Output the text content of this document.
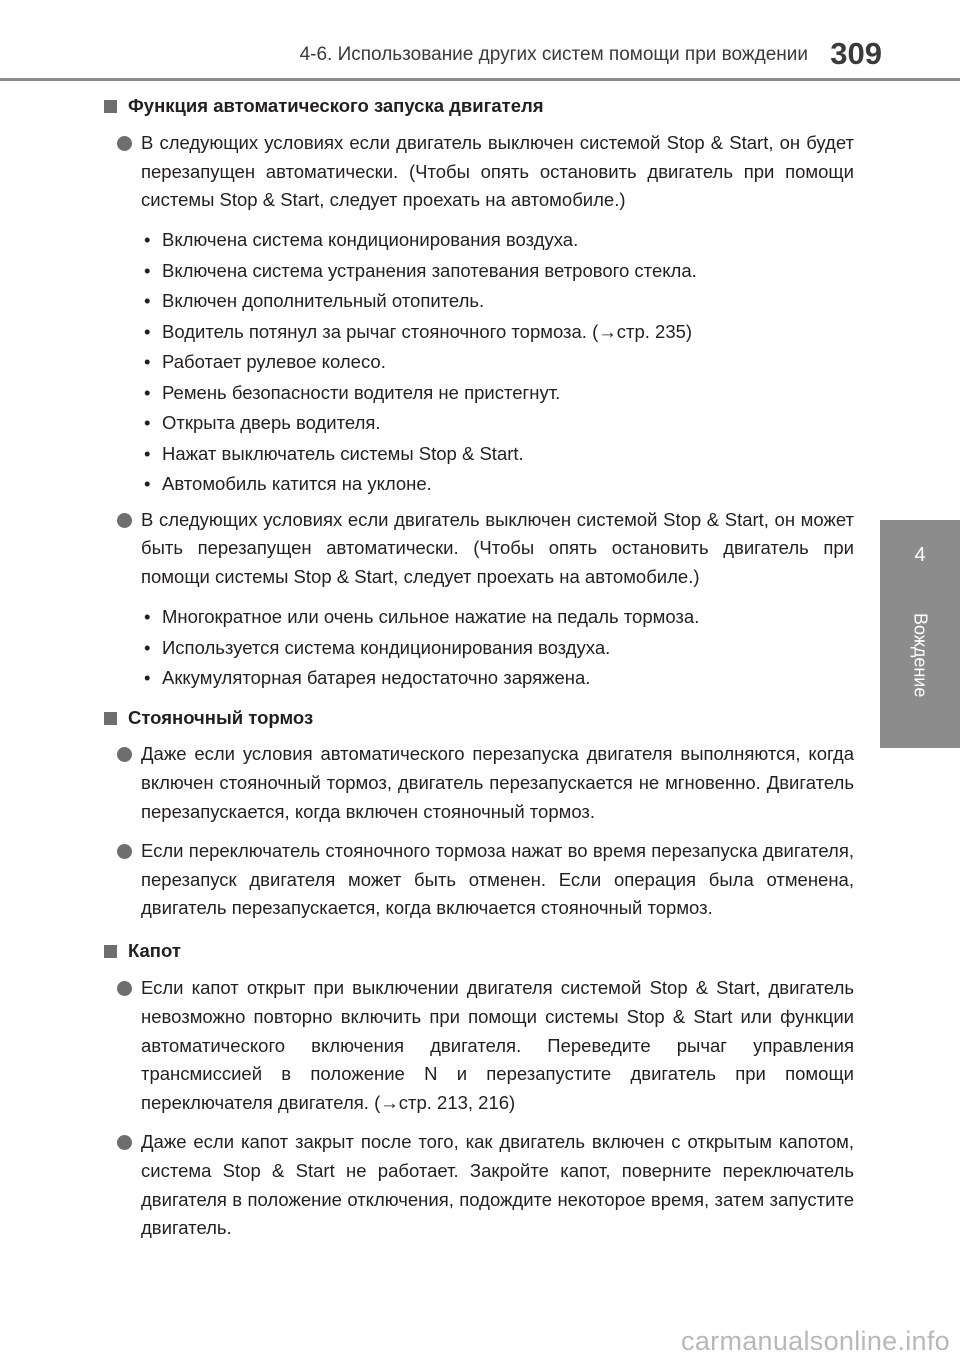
4-6. Использование других систем помощи при вождении 309
4
Вождение
Функция автоматического запуска двигателя
В следующих условиях если двигатель выключен системой Stop & Start, он будет перезапущен автоматически. (Чтобы опять остановить двигатель при помощи системы Stop & Start, следует проехать на автомобиле.)
• Включена система кондиционирования воздуха.
• Включена система устранения запотевания ветрового стекла.
• Включен дополнительный отопитель.
• Водитель потянул за рычаг стояночного тормоза. (→стр. 235)
• Работает рулевое колесо.
• Ремень безопасности водителя не пристегнут.
• Открыта дверь водителя.
• Нажат выключатель системы Stop & Start.
• Автомобиль катится на уклоне.
В следующих условиях если двигатель выключен системой Stop & Start, он может быть перезапущен автоматически. (Чтобы опять остановить двигатель при помощи системы Stop & Start, следует проехать на автомобиле.)
• Многократное или очень сильное нажатие на педаль тормоза.
• Используется система кондиционирования воздуха.
• Аккумуляторная батарея недостаточно заряжена.
Стояночный тормоз
Даже если условия автоматического перезапуска двигателя выполняются, когда включен стояночный тормоз, двигатель перезапускается не мгновенно. Двигатель перезапускается, когда включен стояночный тормоз.
Если переключатель стояночного тормоза нажат во время перезапуска двигателя, перезапуск двигателя может быть отменен. Если операция была отменена, двигатель перезапускается, когда включается стояночный тормоз.
Капот
Если капот открыт при выключении двигателя системой Stop & Start, двигатель невозможно повторно включить при помощи системы Stop & Start или функции автоматического включения двигателя. Переведите рычаг управления трансмиссией в положение N и перезапустите двигатель при помощи переключателя двигателя. (→стр. 213, 216)
Даже если капот закрыт после того, как двигатель включен с открытым капотом, система Stop & Start не работает. Закройте капот, поверните переключатель двигателя в положение отключения, подождите некоторое время, затем запустите двигатель.
carmanualsonline.info
